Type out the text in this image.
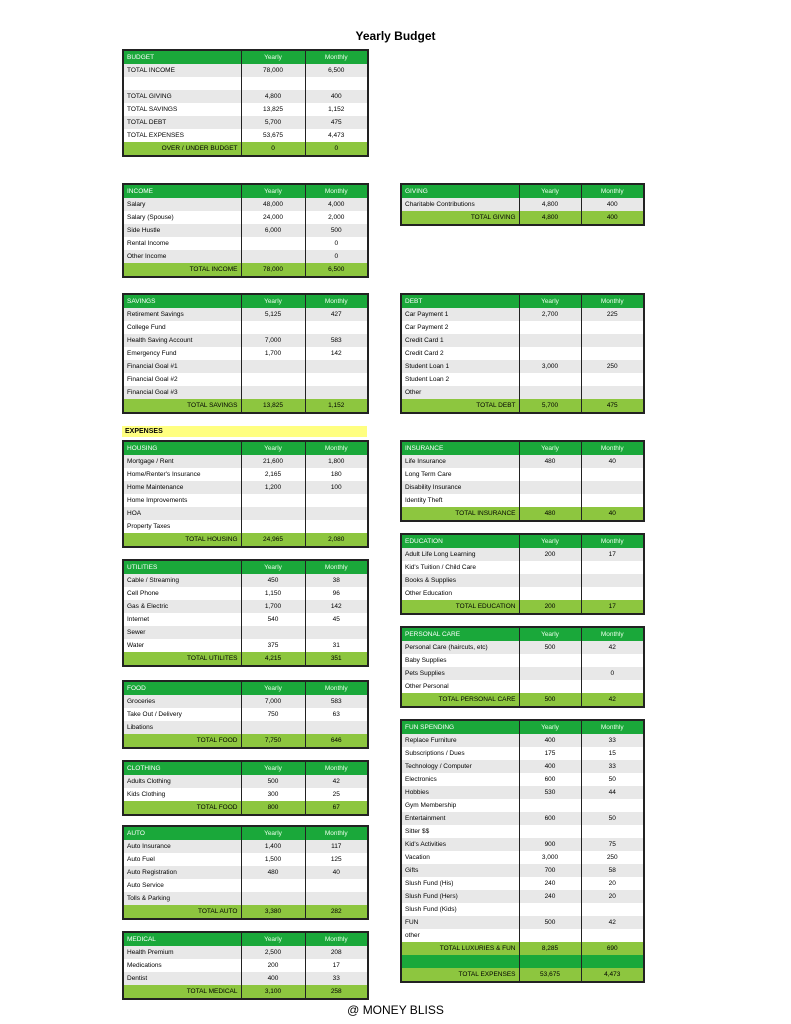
Yearly Budget
EXPENSES
@ MONEY BLISS
BUDGET	Yearly	Monthly
TOTAL INCOME	78,000	6,500

TOTAL GIVING	4,800	400
TOTAL SAVINGS	13,825	1,152
TOTAL DEBT	5,700	475
TOTAL EXPENSES	53,675	4,473
OVER / UNDER BUDGET	0	0
INCOME	Yearly	Monthly
Salary	48,000	4,000
Salary (Spouse)	24,000	2,000
Side Hustle	6,000	500
Rental Income		0
Other Income		0
TOTAL INCOME	78,000	6,500
GIVING	Yearly	Monthly
Charitable Contributions	4,800	400
TOTAL GIVING	4,800	400
SAVINGS	Yearly	Monthly
Retirement Savings	5,125	427
College Fund		
Health Saving Account	7,000	583
Emergency Fund	1,700	142
Financial Goal #1		
Financial Goal #2		
Financial Goal #3		
TOTAL SAVINGS	13,825	1,152
DEBT	Yearly	Monthly
Car Payment 1	2,700	225
Car Payment 2		
Credit Card 1		
Credit Card 2		
Student Loan 1	3,000	250
Student Loan 2		
Other		
TOTAL DEBT	5,700	475
HOUSING	Yearly	Monthly
Mortgage / Rent	21,600	1,800
Home/Renter's Insurance	2,165	180
Home Maintenance	1,200	100
Home Improvements		
HOA		
Property Taxes		
TOTAL HOUSING	24,965	2,080
UTILITIES	Yearly	Monthly
Cable / Streaming	450	38
Cell Phone	1,150	96
Gas & Electric	1,700	142
Internet	540	45
Sewer		
Water	375	31
TOTAL UTILITES	4,215	351
FOOD	Yearly	Monthly
Groceries	7,000	583
Take Out / Delivery	750	63
Libations		
TOTAL FOOD	7,750	646
CLOTHING	Yearly	Monthly
Adults Clothing	500	42
Kids Clothing	300	25
TOTAL FOOD	800	67
AUTO	Yearly	Monthly
Auto Insurance	1,400	117
Auto Fuel	1,500	125
Auto Registration	480	40
Auto Service		
Tolls & Parking		
TOTAL AUTO	3,380	282
MEDICAL	Yearly	Monthly
Health Premium	2,500	208
Medications	200	17
Dentist	400	33
TOTAL MEDICAL	3,100	258
INSURANCE	Yearly	Monthly
Life Insurance	480	40
Long Term Care		
Disability Insurance		
Identity Theft		
TOTAL INSURANCE	480	40
EDUCATION	Yearly	Monthly
Adult Life Long Learning	200	17
Kid's Tuition / Child Care		
Books & Supplies		
Other Education		
TOTAL EDUCATION	200	17
PERSONAL CARE	Yearly	Monthly
Personal Care (haircuts, etc)	500	42
Baby Supplies		
Pets Supplies		0
Other Personal		
TOTAL PERSONAL CARE	500	42
FUN SPENDING	Yearly	Monthly
Replace Furniture	400	33
Subscriptions / Dues	175	15
Technology / Computer	400	33
Electronics	600	50
Hobbies	530	44
Gym Membership		
Entertainment	600	50
Sitter $$		
Kid's Activities	900	75
Vacation	3,000	250
Gifts	700	58
Slush Fund (His)	240	20
Slush Fund (Hers)	240	20
Slush Fund (Kids)		
FUN	500	42
other		
TOTAL LUXURIES & FUN	8,285	690

TOTAL EXPENSES	53,675	4,473
